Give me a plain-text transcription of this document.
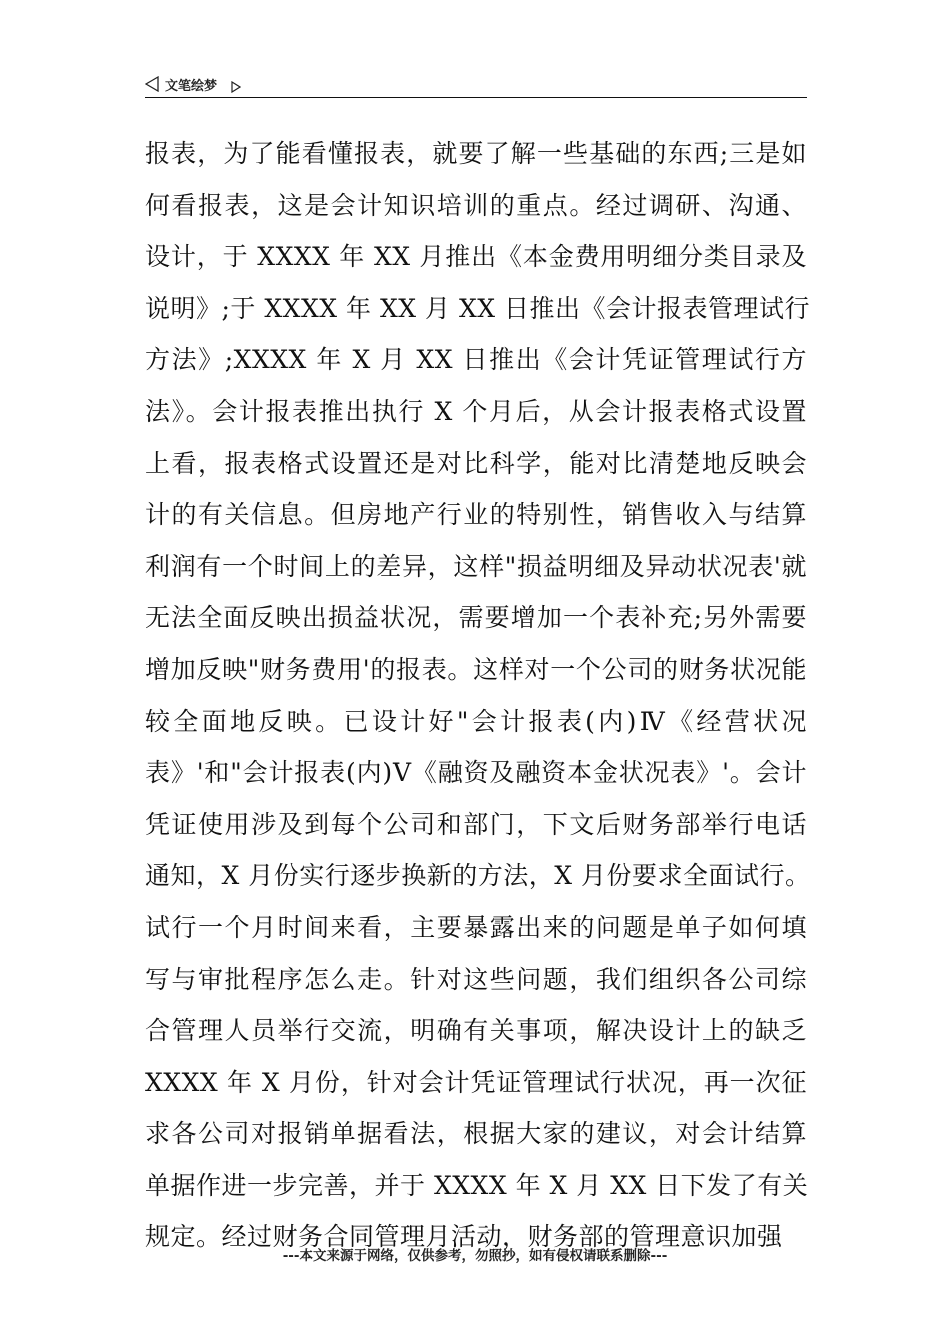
文笔绘梦
报表，为了能看懂报表，就要了解一些基础的东西;三是如
何看报表，这是会计知识培训的重点。经过调研、沟通、
设计，于 XXXX 年 XX 月推出《本金费用明细分类目录及
说明》;于 XXXX 年 XX 月 XX 日推出《会计报表管理试行
方法》;XXXX 年 X 月 XX 日推出《会计凭证管理试行方
法》。会计报表推出执行 X 个月后，从会计报表格式设置
上看，报表格式设置还是对比科学，能对比清楚地反映会
计的有关信息。但房地产行业的特别性，销售收入与结算
利润有一个时间上的差异，这样"损益明细及异动状况表'就
无法全面反映出损益状况，需要增加一个表补充;另外需要
增加反映"财务费用'的报表。这样对一个公司的财务状况能
较全面地反映。已设计好"会计报表(内)Ⅳ《经营状况
表》'和"会计报表(内)Ⅴ《融资及融资本金状况表》'。会计
凭证使用涉及到每个公司和部门，下文后财务部举行电话
通知，X 月份实行逐步换新的方法，X 月份要求全面试行。
试行一个月时间来看，主要暴露出来的问题是单子如何填
写与审批程序怎么走。针对这些问题，我们组织各公司综
合管理人员举行交流，明确有关事项，解决设计上的缺乏
XXXX 年 X 月份，针对会计凭证管理试行状况，再一次征
求各公司对报销单据看法，根据大家的建议，对会计结算
单据作进一步完善，并于 XXXX 年 X 月 XX 日下发了有关
规定。经过财务合同管理月活动，财务部的管理意识加强
---本文来源于网络，仅供参考，勿照抄，如有侵权请联系删除---
